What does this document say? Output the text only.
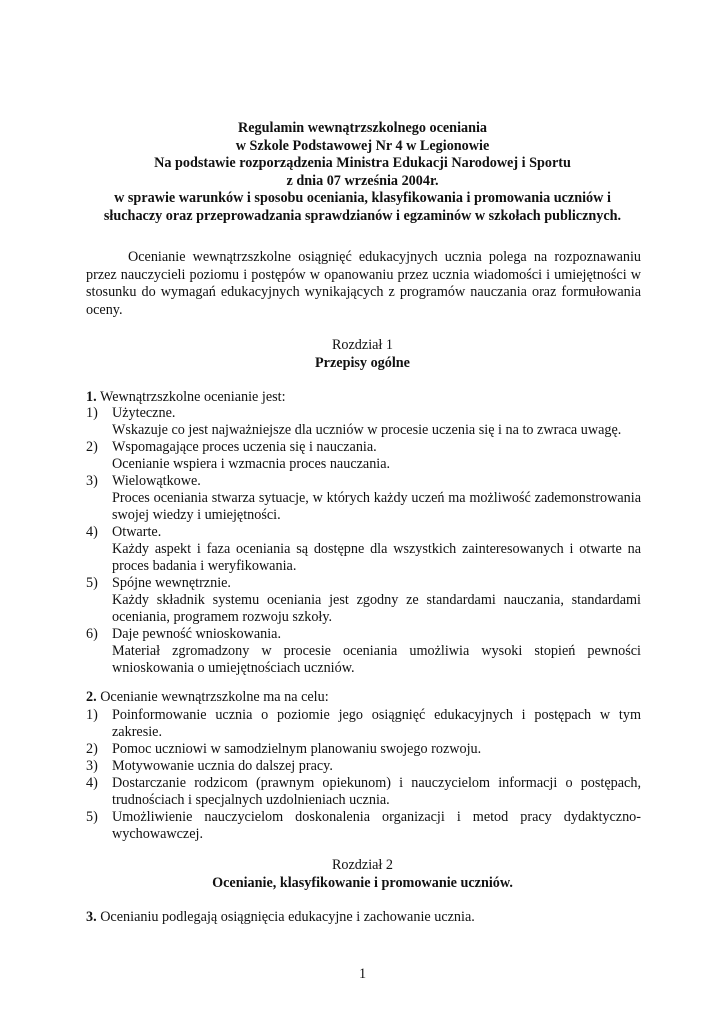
Regulamin wewnątrzszkolnego oceniania
w Szkole Podstawowej Nr 4 w Legionowie
Na podstawie rozporządzenia Ministra Edukacji Narodowej i Sportu
z dnia 07 września 2004r.
w sprawie warunków i sposobu oceniania, klasyfikowania i promowania uczniów i
słuchaczy oraz przeprowadzania sprawdzianów i egzaminów w szkołach publicznych.
Ocenianie wewnątrzszkolne osiągnięć edukacyjnych ucznia polega na rozpoznawaniu przez nauczycieli poziomu i postępów w opanowaniu przez ucznia wiadomości i umiejętności w stosunku do wymagań edukacyjnych wynikających z programów nauczania oraz formułowania oceny.
Rozdział 1
Przepisy ogólne
1. Wewnątrzszkolne ocenianie jest:
1) Użyteczne.
Wskazuje co jest najważniejsze dla uczniów w procesie uczenia się i na to zwraca uwagę.
2) Wspomagające proces uczenia się i nauczania.
Ocenianie wspiera i wzmacnia proces nauczania.
3) Wielowątkowe.
Proces oceniania stwarza sytuacje, w których każdy uczeń ma możliwość zademonstrowania swojej wiedzy i umiejętności.
4) Otwarte.
Każdy aspekt i faza oceniania są dostępne dla wszystkich zainteresowanych i otwarte na proces badania i weryfikowania.
5) Spójne wewnętrznie.
Każdy składnik systemu oceniania jest zgodny ze standardami nauczania, standardami oceniania, programem rozwoju szkoły.
6) Daje pewność wnioskowania.
Materiał zgromadzony w procesie oceniania umożliwia wysoki stopień pewności wnioskowania o umiejętnościach uczniów.
2. Ocenianie wewnątrzszkolne ma na celu:
1) Poinformowanie ucznia o poziomie jego osiągnięć edukacyjnych i postępach w tym zakresie.
2) Pomoc uczniowi w samodzielnym planowaniu swojego rozwoju.
3) Motywowanie ucznia do dalszej pracy.
4) Dostarczanie rodzicom (prawnym opiekunom) i nauczycielom informacji o postępach, trudnościach i specjalnych uzdolnieniach ucznia.
5) Umożliwienie nauczycielom doskonalenia organizacji i metod pracy dydaktyczno-wychowawczej.
Rozdział 2
Ocenianie, klasyfikowanie i promowanie uczniów.
3. Ocenianiu podlegają osiągnięcia edukacyjne i zachowanie ucznia.
1
